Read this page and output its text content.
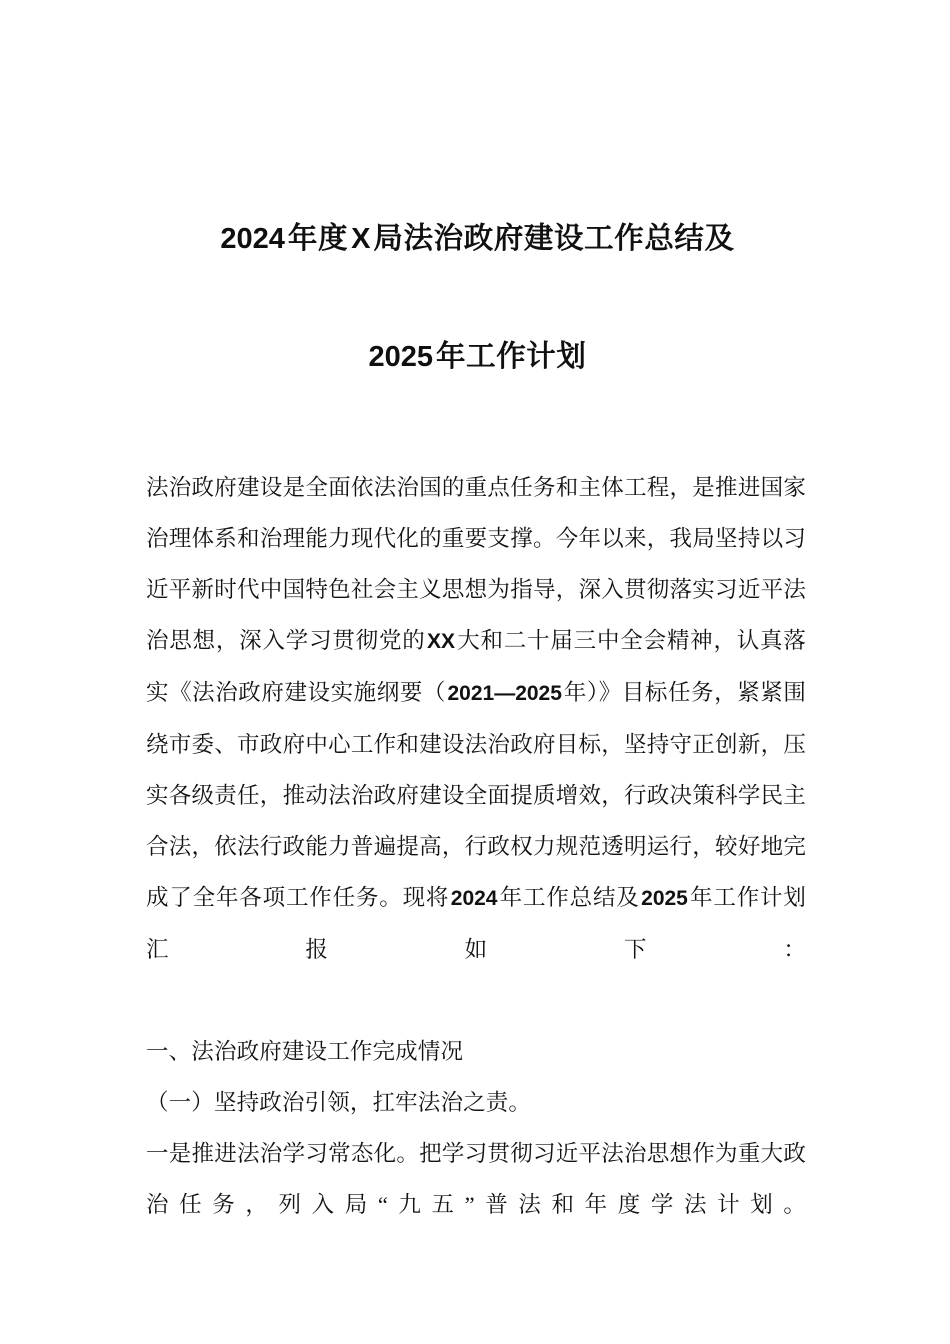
2024 年度 X 局法治政府建设工作总结及
2025 年工作计划

法治政府建设是全面依法治国的重点任务和主体工程，是推进国家治理体系和治理能力现代化的重要支撑。今年以来，我局坚持以习近平新时代中国特色社会主义思想为指导，深入贯彻落实习近平法治思想，深入学习贯彻党的XX大和二十届三中全会精神，认真落实《法治政府建设实施纲要（2021—2025年）》目标任务，紧紧围绕市委、市政府中心工作和建设法治政府目标，坚持守正创新，压实各级责任，推动法治政府建设全面提质增效，行政决策科学民主合法，依法行政能力普遍提高，行政权力规范透明运行，较好地完成了全年各项工作任务。现将2024年工作总结及2025年工作计划汇报如下：

一、法治政府建设工作完成情况

（一）坚持政治引领，扛牢法治之责。

一是推进法治学习常态化。把学习贯彻习近平法治思想作为重大政治任务，列入局“九五”普法和年度学法计划。
